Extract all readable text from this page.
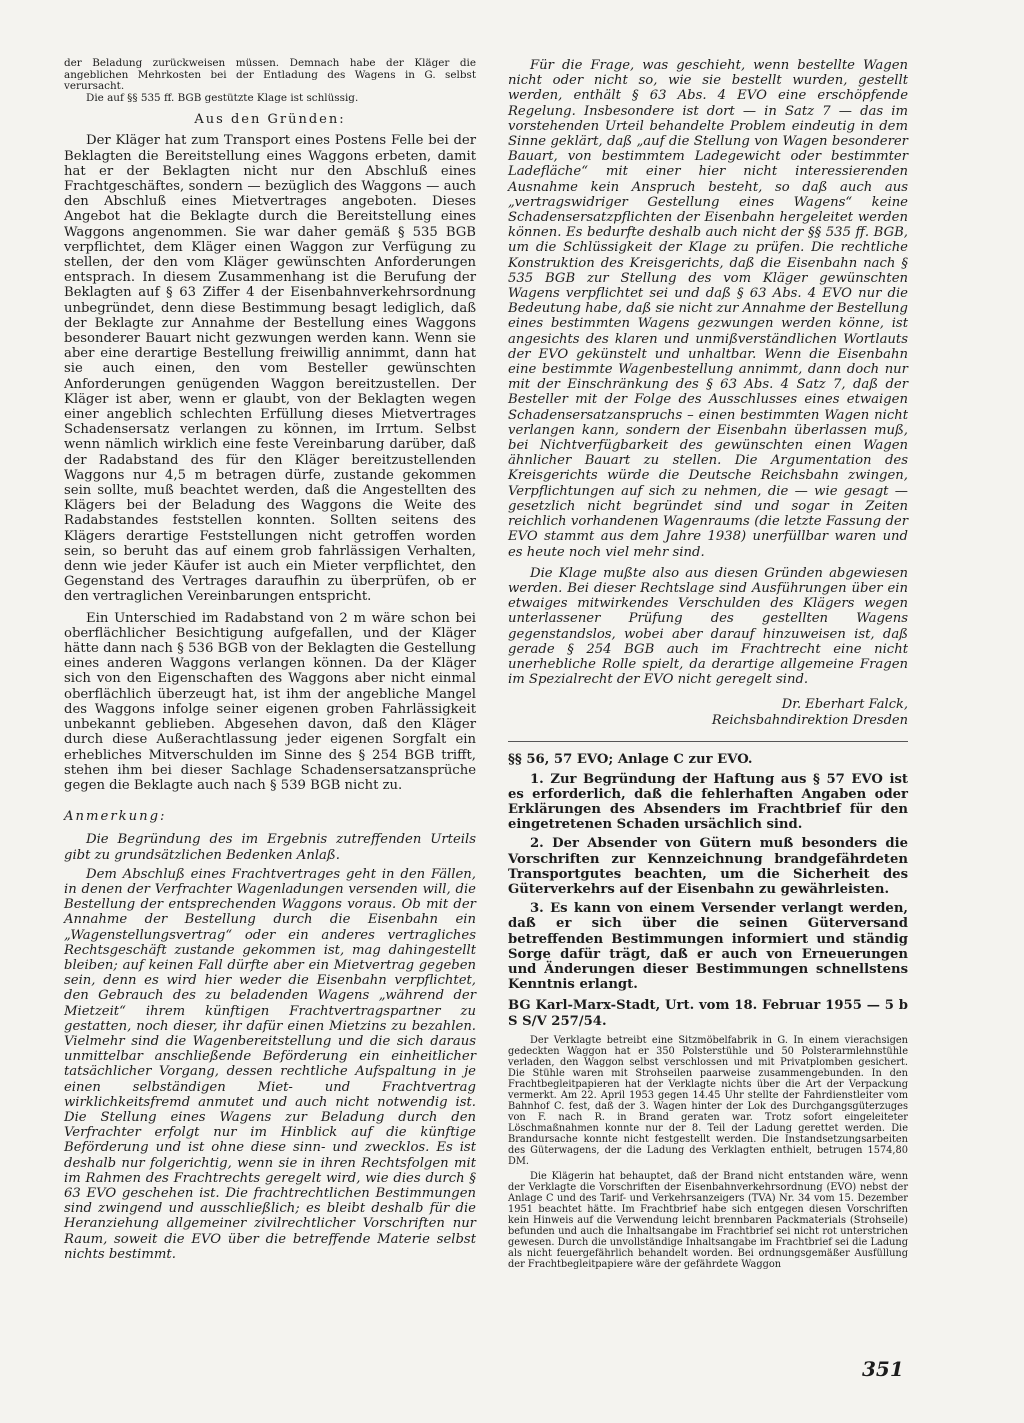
der Beladung zurückweisen müssen. Demnach habe der Kläger die angeblichen Mehrkosten bei der Entladung des Wagens in G. selbst verursacht.

Die auf §§ 535 ff. BGB gestützte Klage ist schlüssig.

Aus den Gründen:

Der Kläger hat zum Transport eines Postens Felle bei der Beklagten die Bereitstellung eines Waggons erbeten, damit hat er der Beklagten nicht nur den Abschluß eines Frachtgeschäftes, sondern — bezüglich des Waggons — auch den Abschluß eines Mietvertrages angeboten. Dieses Angebot hat die Beklagte durch die Bereitstellung eines Waggons angenommen. Sie war daher gemäß § 535 BGB verpflichtet, dem Kläger einen Waggon zur Verfügung zu stellen, der den vom Kläger gewünschten Anforderungen entsprach. In diesem Zusammenhang ist die Berufung der Beklagten auf § 63 Ziffer 4 der Eisenbahnverkehrsordnung unbegründet, denn diese Bestimmung besagt lediglich, daß der Beklagte zur Annahme der Bestellung eines Waggons besonderer Bauart nicht gezwungen werden kann. Wenn sie aber eine derartige Bestellung freiwillig annimmt, dann hat sie auch einen, den vom Besteller gewünschten Anforderungen genügenden Waggon bereitzustellen. Der Kläger ist aber, wenn er glaubt, von der Beklagten wegen einer angeblich schlechten Erfüllung dieses Mietvertrages Schadensersatz verlangen zu können, im Irrtum. Selbst wenn nämlich wirklich eine feste Vereinbarung darüber, daß der Radabstand des für den Kläger bereitzustellenden Waggons nur 4,5 m betragen dürfe, zustande gekommen sein sollte, muß beachtet werden, daß die Angestellten des Klägers bei der Beladung des Waggons die Weite des Radabstandes feststellen konnten. Sollten seitens des Klägers derartige Feststellungen nicht getroffen worden sein, so beruht das auf einem grob fahrlässigen Verhalten, denn wie jeder Käufer ist auch ein Mieter verpflichtet, den Gegenstand des Vertrages daraufhin zu überprüfen, ob er den vertraglichen Vereinbarungen entspricht.

Ein Unterschied im Radabstand von 2 m wäre schon bei oberflächlicher Besichtigung aufgefallen, und der Kläger hätte dann nach § 536 BGB von der Beklagten die Gestellung eines anderen Waggons verlangen können. Da der Kläger sich von den Eigenschaften des Waggons aber nicht einmal oberflächlich überzeugt hat, ist ihm der angebliche Mangel des Waggons infolge seiner eigenen groben Fahrlässigkeit unbekannt geblieben. Abgesehen davon, daß den Kläger durch diese Außerachtlassung jeder eigenen Sorgfalt ein erhebliches Mitverschulden im Sinne des § 254 BGB trifft, stehen ihm bei dieser Sachlage Schadensersatzansprüche gegen die Beklagte auch nach § 539 BGB nicht zu.

Anmerkung:

Die Begründung des im Ergebnis zutreffenden Urteils gibt zu grundsätzlichen Bedenken Anlaß.

Dem Abschluß eines Frachtvertrages geht in den Fällen, in denen der Verfrachter Wagenladungen versenden will, die Bestellung der entsprechenden Waggons voraus. Ob mit der Annahme der Bestellung durch die Eisenbahn ein „Wagenstellungsvertrag“ oder ein anderes vertragliches Rechtsgeschäft zustande gekommen ist, mag dahingestellt bleiben; auf keinen Fall dürfte aber ein Mietvertrag gegeben sein, denn es wird hier weder die Eisenbahn verpflichtet, den Gebrauch des zu beladenden Wagens „während der Mietzeit“ ihrem künftigen Frachtvertragspartner zu gestatten, noch dieser, ihr dafür einen Mietzins zu bezahlen. Vielmehr sind die Wagenbereitstellung und die sich daraus unmittelbar anschließende Beförderung ein einheitlicher tatsächlicher Vorgang, dessen rechtliche Aufspaltung in je einen selbständigen Miet- und Frachtvertrag wirklichkeitsfremd anmutet und auch nicht notwendig ist. Die Stellung eines Wagens zur Beladung durch den Verfrachter erfolgt nur im Hinblick auf die künftige Beförderung und ist ohne diese sinn- und zwecklos. Es ist deshalb nur folgerichtig, wenn sie in ihren Rechtsfolgen mit im Rahmen des Frachtrechts geregelt wird, wie dies durch § 63 EVO geschehen ist. Die frachtrechtlichen Bestimmungen sind zwingend und ausschließlich; es bleibt deshalb für die Heranziehung allgemeiner zivilrechtlicher Vorschriften nur Raum, soweit die EVO über die betreffende Materie selbst nichts bestimmt.

Für die Frage, was geschieht, wenn bestellte Wagen nicht oder nicht so, wie sie bestellt wurden, gestellt werden, enthält § 63 Abs. 4 EVO eine erschöpfende Regelung. Insbesondere ist dort — in Satz 7 — das im vorstehenden Urteil behandelte Problem eindeutig in dem Sinne geklärt, daß „auf die Stellung von Wagen besonderer Bauart, von bestimmtem Ladegewicht oder bestimmter Ladefläche“ mit einer hier nicht interessierenden Ausnahme kein Anspruch besteht, so daß auch aus „vertragswidriger Gestellung eines Wagens“ keine Schadensersatzpflichten der Eisenbahn hergeleitet werden können. Es bedurfte deshalb auch nicht der §§ 535 ff. BGB, um die Schlüssigkeit der Klage zu prüfen. Die rechtliche Konstruktion des Kreisgerichts, daß die Eisenbahn nach § 535 BGB zur Stellung des vom Kläger gewünschten Wagens verpflichtet sei und daß § 63 Abs. 4 EVO nur die Bedeutung habe, daß sie nicht zur Annahme der Bestellung eines bestimmten Wagens gezwungen werden könne, ist angesichts des klaren und unmißverständlichen Wortlauts der EVO gekünstelt und unhaltbar. Wenn die Eisenbahn eine bestimmte Wagenbestellung annimmt, dann doch nur mit der Einschränkung des § 63 Abs. 4 Satz 7, daß der Besteller mit der Folge des Ausschlusses eines etwaigen Schadensersatzanspruchs – einen bestimmten Wagen nicht verlangen kann, sondern der Eisenbahn überlassen muß, bei Nichtverfügbarkeit des gewünschten einen Wagen ähnlicher Bauart zu stellen. Die Argumentation des Kreisgerichts würde die Deutsche Reichsbahn zwingen, Verpflichtungen auf sich zu nehmen, die — wie gesagt — gesetzlich nicht begründet sind und sogar in Zeiten reichlich vorhandenen Wagenraums (die letzte Fassung der EVO stammt aus dem Jahre 1938) unerfüllbar waren und es heute noch viel mehr sind.

Die Klage mußte also aus diesen Gründen abgewiesen werden. Bei dieser Rechtslage sind Ausführungen über ein etwaiges mitwirkendes Verschulden des Klägers wegen unterlassener Prüfung des gestellten Wagens gegenstandslos, wobei aber darauf hinzuweisen ist, daß gerade § 254 BGB auch im Frachtrecht eine nicht unerhebliche Rolle spielt, da derartige allgemeine Fragen im Spezialrecht der EVO nicht geregelt sind.

Dr. Eberhart Falck,

Reichsbahndirektion Dresden

§§ 56, 57 EVO; Anlage C zur EVO.

1. Zur Begründung der Haftung aus § 57 EVO ist es erforderlich, daß die fehlerhaften Angaben oder Erklärungen des Absenders im Frachtbrief für den eingetretenen Schaden ursächlich sind.

2. Der Absender von Gütern muß besonders die Vorschriften zur Kennzeichnung brandgefährdeten Transportgutes beachten, um die Sicherheit des Güterverkehrs auf der Eisenbahn zu gewährleisten.

3. Es kann von einem Versender verlangt werden, daß er sich über die seinen Güterversand betreffenden Bestimmungen informiert und ständig Sorge dafür trägt, daß er auch von Erneuerungen und Änderungen dieser Bestimmungen schnellstens Kenntnis erlangt.

BG Karl-Marx-Stadt, Urt. vom 18. Februar 1955 — 5 b S S/V 257/54.

Der Verklagte betreibt eine Sitzmöbelfabrik in G. In einem vierachsigen gedeckten Waggon hat er 350 Polsterstühle und 50 Polsterarmlehnstühle verladen, den Waggon selbst verschlossen und mit Privatplomben gesichert. Die Stühle waren mit Strohseilen paarweise zusammengebunden. In den Frachtbegleitpapieren hat der Verklagte nichts über die Art der Verpackung vermerkt. Am 22. April 1953 gegen 14.45 Uhr stellte der Fahrdienstleiter vom Bahnhof C. fest, daß der 3. Wagen hinter der Lok des Durchgangsgüterzuges von F. nach R. in Brand geraten war. Trotz sofort eingeleiteter Löschmaßnahmen konnte nur der 8. Teil der Ladung gerettet werden. Die Brandursache konnte nicht festgestellt werden. Die Instandsetzungsarbeiten des Güterwagens, der die Ladung des Verklagten enthielt, betrugen 1574,80 DM.

Die Klägerin hat behauptet, daß der Brand nicht entstanden wäre, wenn der Verklagte die Vorschriften der Eisenbahnverkehrsordnung (EVO) nebst der Anlage C und des Tarif- und Verkehrsanzeigers (TVA) Nr. 34 vom 15. Dezember 1951 beachtet hätte. Im Frachtbrief habe sich entgegen diesen Vorschriften kein Hinweis auf die Verwendung leicht brennbaren Packmaterials (Strohseile) befunden und auch die Inhaltsangabe im Frachtbrief sei nicht rot unterstrichen gewesen. Durch die unvollständige Inhaltsangabe im Frachtbrief sei die Ladung als nicht feuergefährlich behandelt worden. Bei ordnungsgemäßer Ausfüllung der Frachtbegleitpapiere wäre der gefährdete Waggon

351
